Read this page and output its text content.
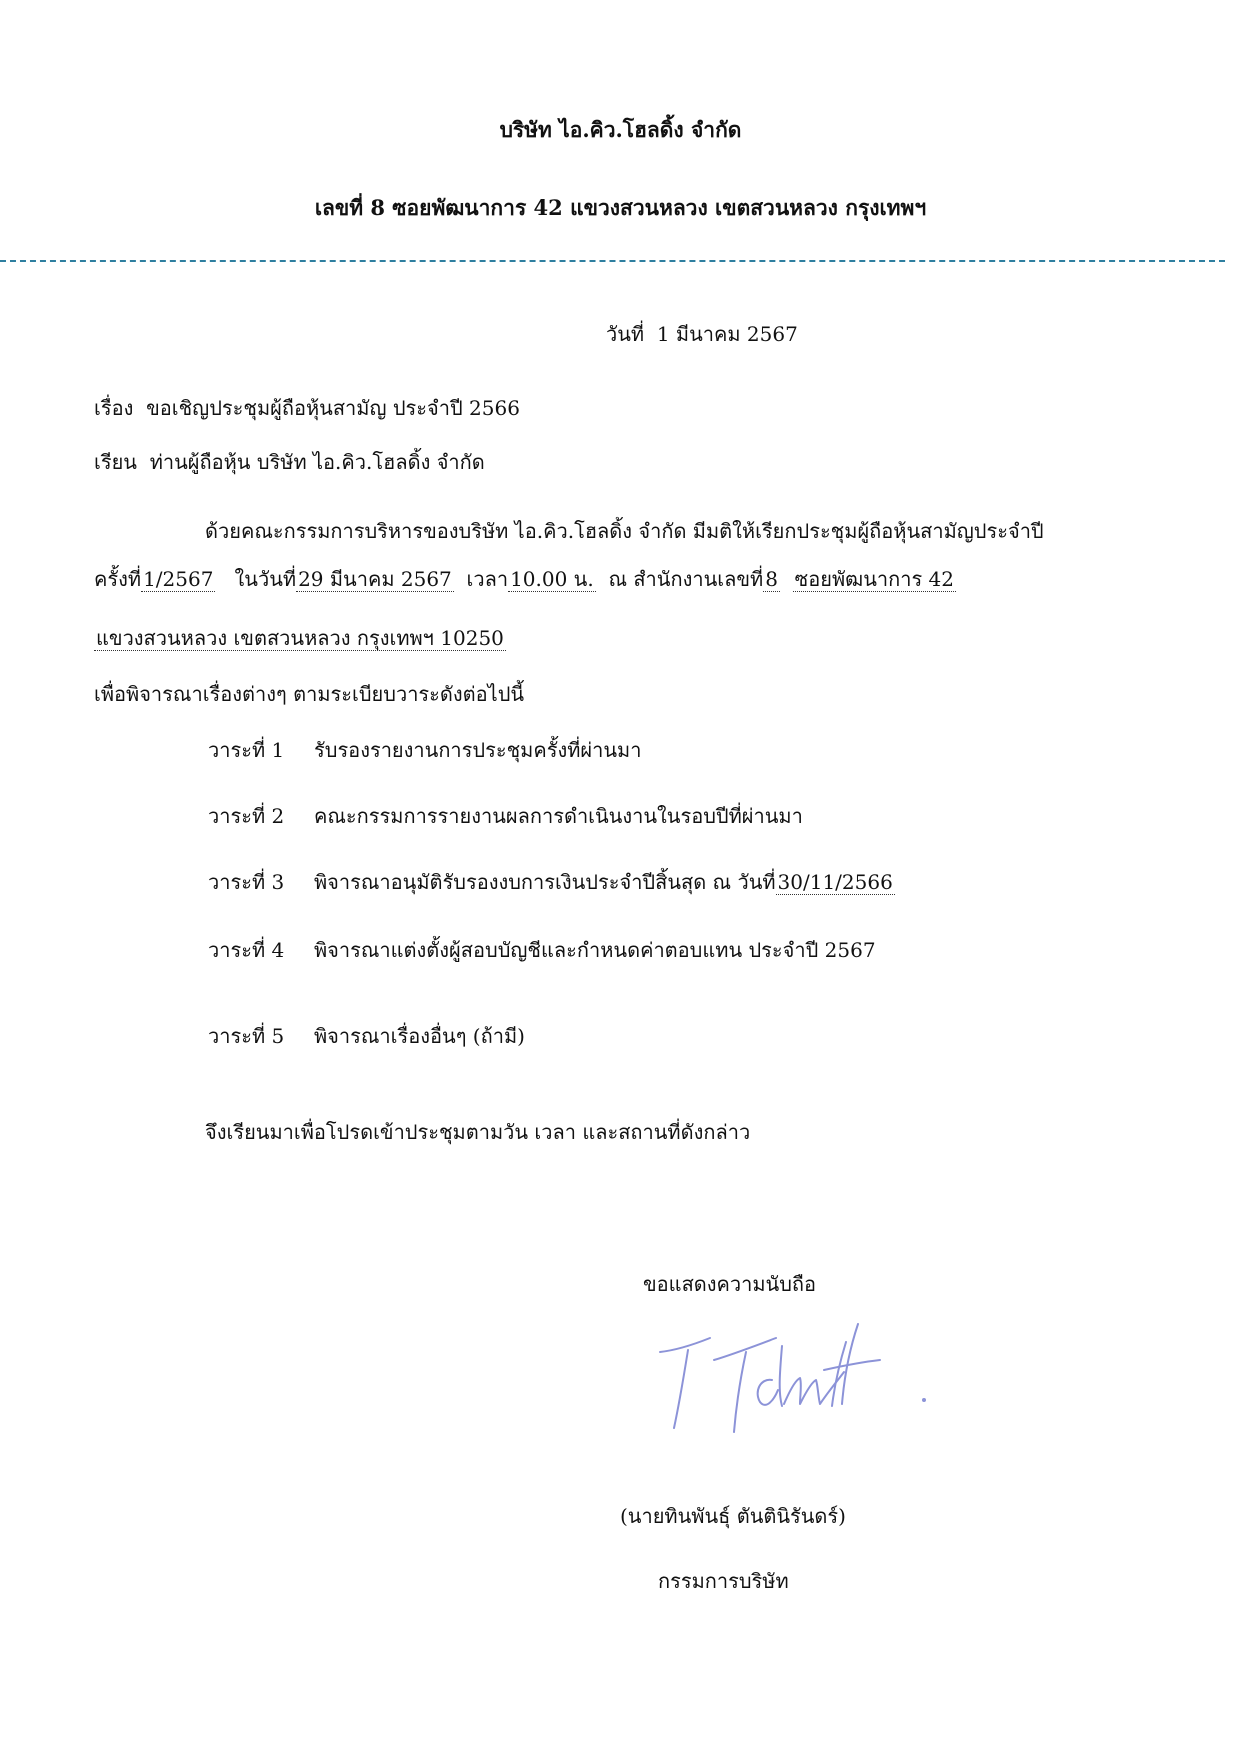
บริษัท ไอ.คิว.โฮลดิ้ง จำกัด
เลขที่ 8 ซอยพัฒนาการ 42 แขวงสวนหลวง เขตสวนหลวง กรุงเทพฯ
วันที่ 1 มีนาคม 2567
เรื่อง ขอเชิญประชุมผู้ถือหุ้นสามัญ ประจำปี 2566
เรียน ท่านผู้ถือหุ้น บริษัท ไอ.คิว.โฮลดิ้ง จำกัด
ด้วยคณะกรรมการบริหารของบริษัท ไอ.คิว.โฮลดิ้ง จำกัด มีมติให้เรียกประชุมผู้ถือหุ้นสามัญประจำปี
ครั้งที่ 1/2567 ในวันที่ 29 มีนาคม 2567 เวลา 10.00 น. ณ สำนักงานเลขที่ 8 ซอยพัฒนาการ 42
แขวงสวนหลวง เขตสวนหลวง กรุงเทพฯ 10250
เพื่อพิจารณาเรื่องต่างๆ ตามระเบียบวาระดังต่อไปนี้
วาระที่ 1 รับรองรายงานการประชุมครั้งที่ผ่านมา
วาระที่ 2 คณะกรรมการรายงานผลการดำเนินงานในรอบปีที่ผ่านมา
วาระที่ 3 พิจารณาอนุมัติรับรองงบการเงินประจำปีสิ้นสุด ณ วันที่ 30/11/2566
วาระที่ 4 พิจารณาแต่งตั้งผู้สอบบัญชีและกำหนดค่าตอบแทน ประจำปี 2567
วาระที่ 5 พิจารณาเรื่องอื่นๆ (ถ้ามี)
จึงเรียนมาเพื่อโปรดเข้าประชุมตามวัน เวลา และสถานที่ดังกล่าว
ขอแสดงความนับถือ
(นายทินพันธุ์ ตันตินิรันดร์)
กรรมการบริษัท
